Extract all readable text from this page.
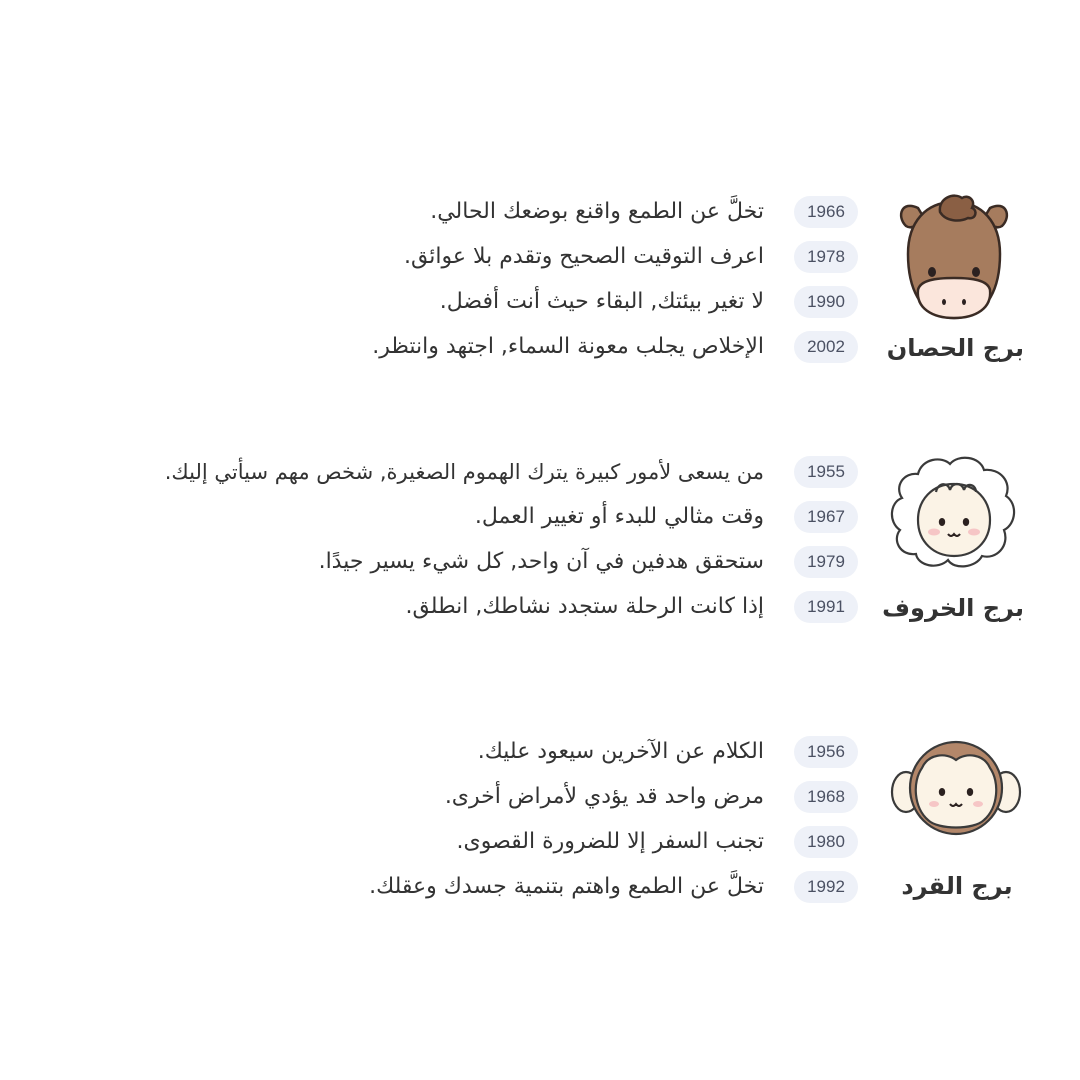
برج الحصان
1966
تخلَّ عن الطمع واقنع بوضعك الحالي.
1978
اعرف التوقيت الصحيح وتقدم بلا عوائق.
1990
لا تغير بيئتك, البقاء حيث أنت أفضل.
2002
الإخلاص يجلب معونة السماء, اجتهد وانتظر.
برج الخروف
1955
من يسعى لأمور كبيرة يترك الهموم الصغيرة, شخص مهم سيأتي إليك.
1967
وقت مثالي للبدء أو تغيير العمل.
1979
ستحقق هدفين في آن واحد, كل شيء يسير جيدًا.
1991
إذا كانت الرحلة ستجدد نشاطك, انطلق.
برج القرد
1956
الكلام عن الآخرين سيعود عليك.
1968
مرض واحد قد يؤدي لأمراض أخرى.
1980
تجنب السفر إلا للضرورة القصوى.
1992
تخلَّ عن الطمع واهتم بتنمية جسدك وعقلك.
